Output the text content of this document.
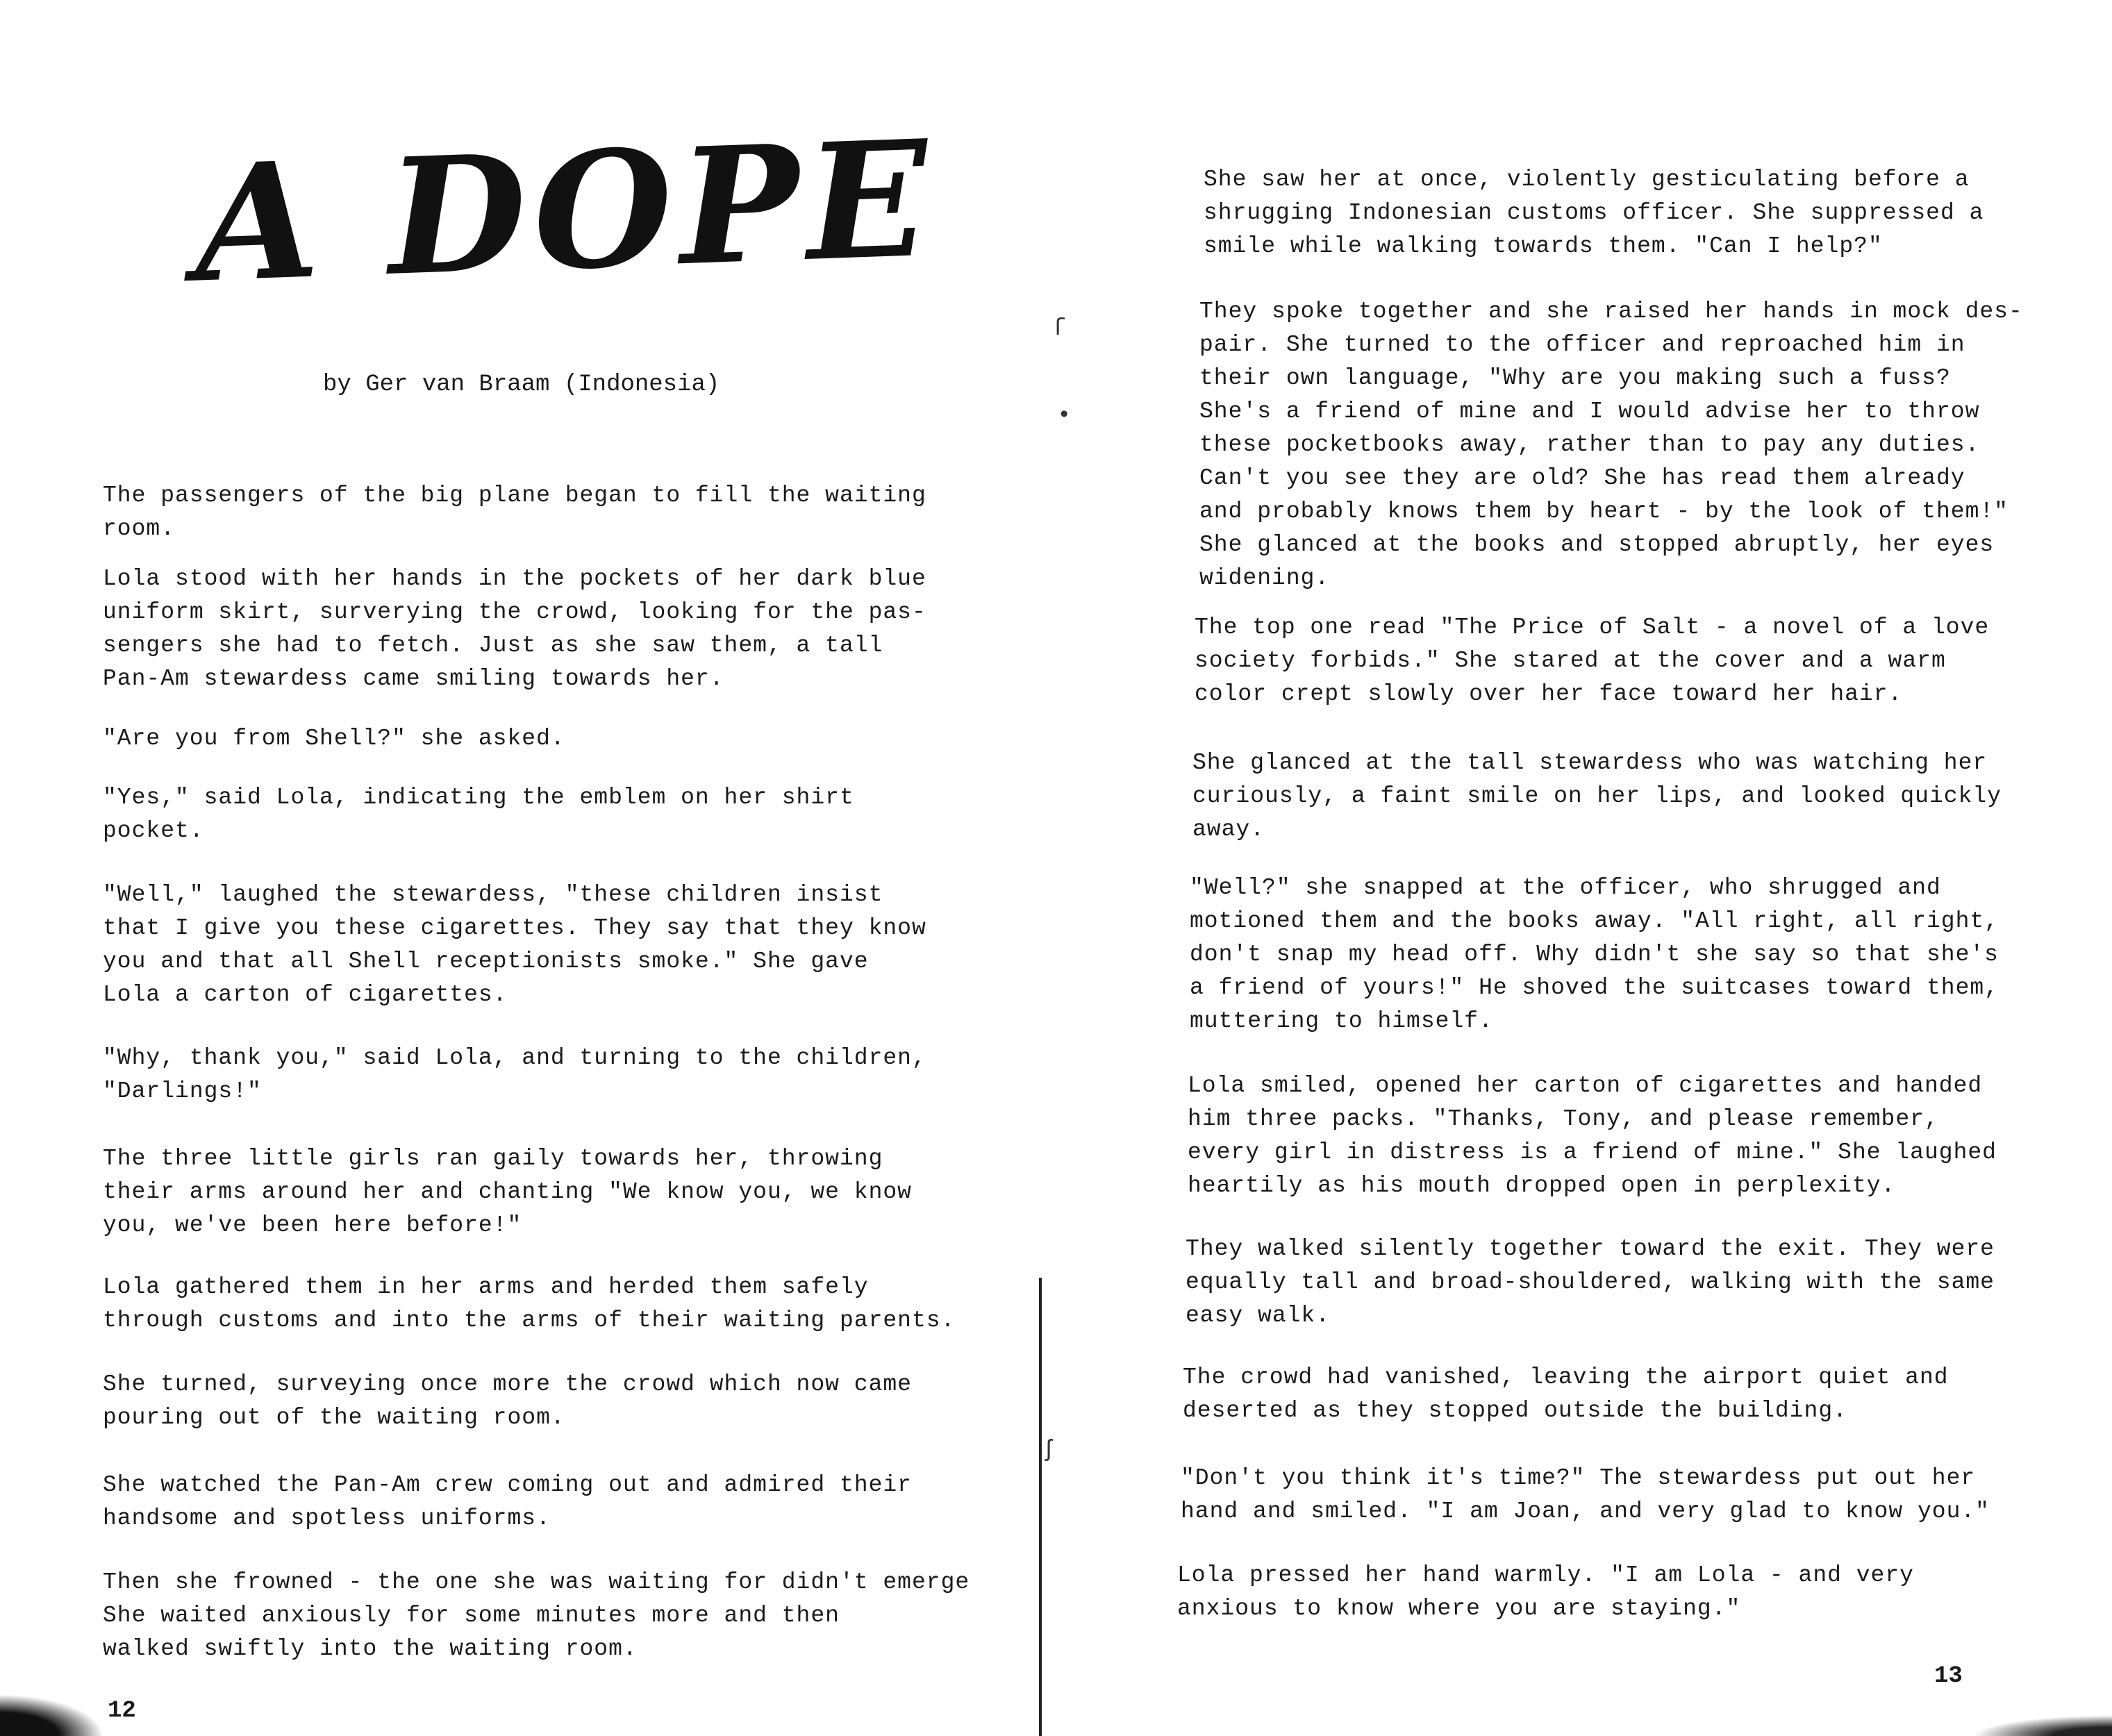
A DOPE
by Ger van Braam (Indonesia)

The passengers of the big plane began to fill the waiting
room.

Lola stood with her hands in the pockets of her dark blue
uniform skirt, surverying the crowd, looking for the pas-
sengers she had to fetch. Just as she saw them, a tall
Pan-Am stewardess came smiling towards her.

"Are you from Shell?" she asked.

"Yes," said Lola, indicating the emblem on her shirt
pocket.

"Well," laughed the stewardess, "these children insist
that I give you these cigarettes. They say that they know
you and that all Shell receptionists smoke." She gave
Lola a carton of cigarettes.

"Why, thank you," said Lola, and turning to the children,
"Darlings!"

The three little girls ran gaily towards her, throwing
their arms around her and chanting "We know you, we know
you, we've been here before!"

Lola gathered them in her arms and herded them safely
through customs and into the arms of their waiting parents.

She turned, surveying once more the crowd which now came
pouring out of the waiting room.

She watched the Pan-Am crew coming out and admired their
handsome and spotless uniforms.

Then she frowned - the one she was waiting for didn't emerge
She waited anxiously for some minutes more and then
walked swiftly into the waiting room.

12
ſ
•
ʃ

She saw her at once, violently gesticulating before a
shrugging Indonesian customs officer. She suppressed a
smile while walking towards them. "Can I help?"

They spoke together and she raised her hands in mock des-
pair. She turned to the officer and reproached him in
their own language, "Why are you making such a fuss?
She's a friend of mine and I would advise her to throw
these pocketbooks away, rather than to pay any duties.
Can't you see they are old? She has read them already
and probably knows them by heart - by the look of them!"
She glanced at the books and stopped abruptly, her eyes
widening.

The top one read "The Price of Salt - a novel of a love
society forbids." She stared at the cover and a warm
color crept slowly over her face toward her hair.

She glanced at the tall stewardess who was watching her
curiously, a faint smile on her lips, and looked quickly
away.

"Well?" she snapped at the officer, who shrugged and
motioned them and the books away. "All right, all right,
don't snap my head off. Why didn't she say so that she's
a friend of yours!" He shoved the suitcases toward them,
muttering to himself.

Lola smiled, opened her carton of cigarettes and handed
him three packs. "Thanks, Tony, and please remember,
every girl in distress is a friend of mine." She laughed
heartily as his mouth dropped open in perplexity.

They walked silently together toward the exit. They were
equally tall and broad-shouldered, walking with the same
easy walk.

The crowd had vanished, leaving the airport quiet and
deserted as they stopped outside the building.

"Don't you think it's time?" The stewardess put out her
hand and smiled. "I am Joan, and very glad to know you."

Lola pressed her hand warmly. "I am Lola - and very
anxious to know where you are staying."

13
